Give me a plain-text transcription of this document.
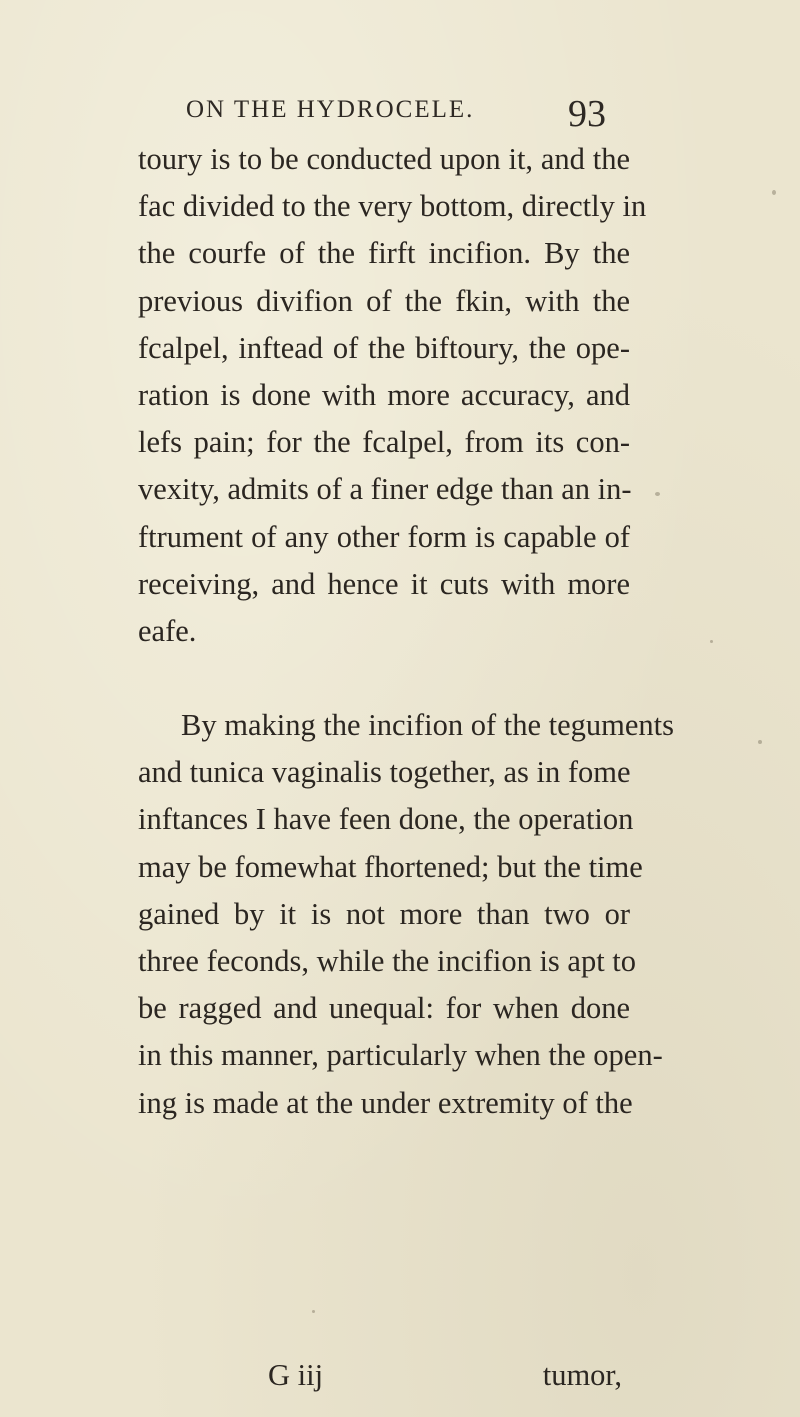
ON THE HYDROCELE. 93
toury is to be conducted upon it, and the
fac divided to the very bottom, directly in
the courfe of the firft incifion. By the
previous divifion of the fkin, with the
fcalpel, inftead of the biftoury, the ope-
ration is done with more accuracy, and
lefs pain; for the fcalpel, from its con-
vexity, admits of a finer edge than an in-
ftrument of any other form is capable of
receiving, and hence it cuts with more
eafe.
By making the incifion of the teguments
and tunica vaginalis together, as in fome
inftances I have feen done, the operation
may be fomewhat fhortened; but the time
gained by it is not more than two or
three feconds, while the incifion is apt to
be ragged and unequal: for when done
in this manner, particularly when the open-
ing is made at the under extremity of the
G iij	tumor,
